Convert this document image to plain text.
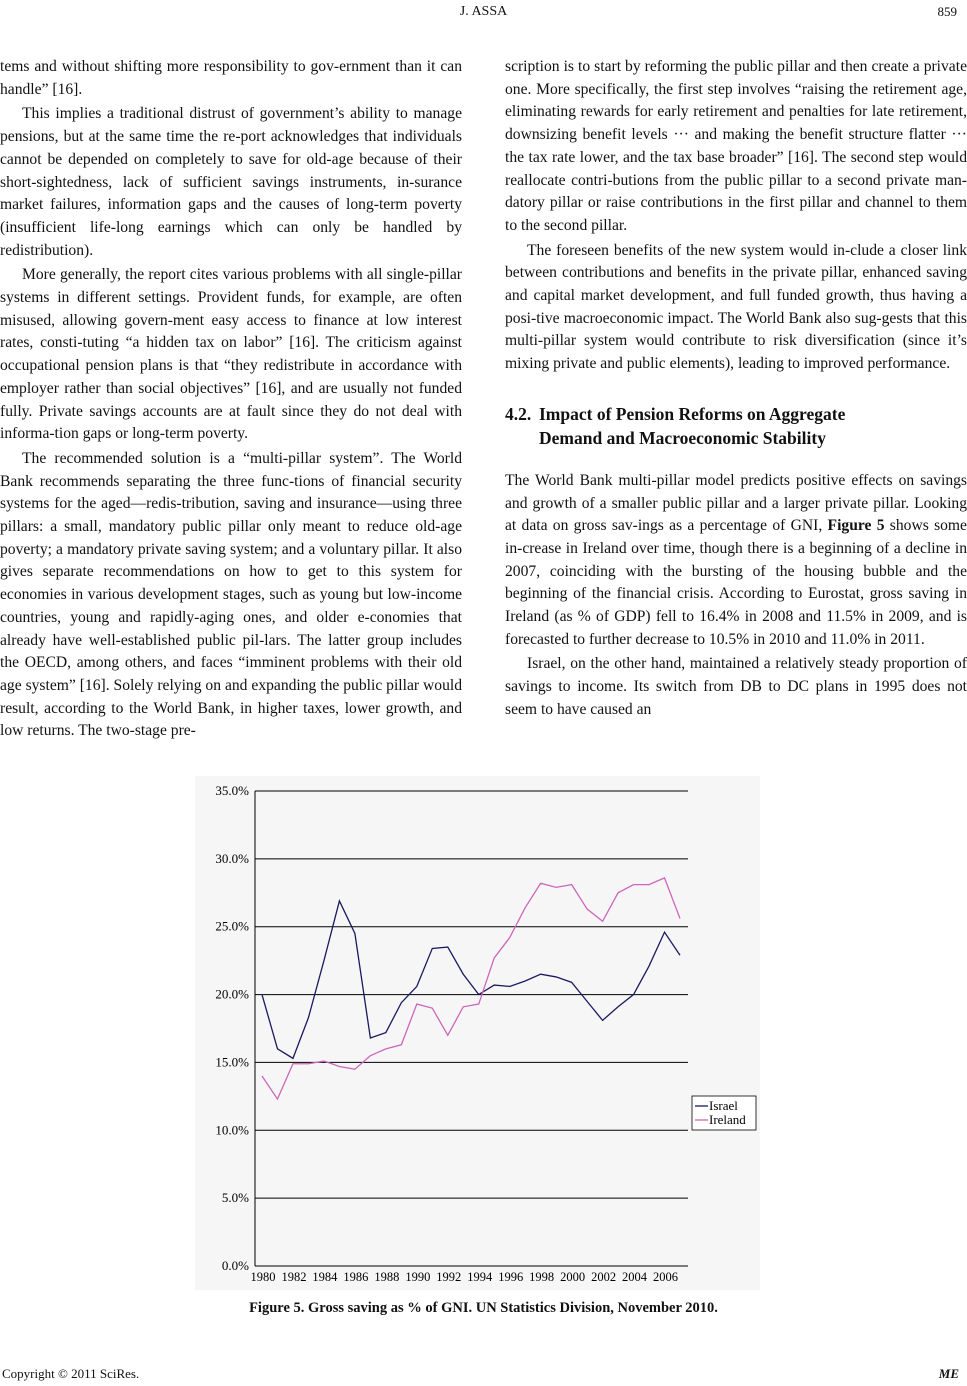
J. ASSA	859

tems and without shifting more responsibility to gov-ernment than it can handle” [16].

This implies a traditional distrust of government’s ability to manage pensions, but at the same time the re-port acknowledges that individuals cannot be depended on completely to save for old-age because of their short-sightedness, lack of sufficient savings instruments, in-surance market failures, information gaps and the causes of long-term poverty (insufficient life-long earnings which can only be handled by redistribution).

More generally, the report cites various problems with all single-pillar systems in different settings. Provident funds, for example, are often misused, allowing govern-ment easy access to finance at low interest rates, consti-tuting “a hidden tax on labor” [16]. The criticism against occupational pension plans is that “they redistribute in accordance with employer rather than social objectives” [16], and are usually not funded fully. Private savings accounts are at fault since they do not deal with informa-tion gaps or long-term poverty.

The recommended solution is a “multi-pillar system”. The World Bank recommends separating the three func-tions of financial security systems for the aged—redis-tribution, saving and insurance—using three pillars: a small, mandatory public pillar only meant to reduce old-age poverty; a mandatory private saving system; and a voluntary pillar. It also gives separate recommendations on how to get to this system for economies in various development stages, such as young but low-income countries, young and rapidly-aging ones, and older e-conomies that already have well-established public pil-lars. The latter group includes the OECD, among others, and faces “imminent problems with their old age system” [16]. Solely relying on and expanding the public pillar would result, according to the World Bank, in higher taxes, lower growth, and low returns. The two-stage pre-

scription is to start by reforming the public pillar and then create a private one. More specifically, the first step involves “raising the retirement age, eliminating rewards for early retirement and penalties for late retirement, downsizing benefit levels ··· and making the benefit structure flatter ··· the tax rate lower, and the tax base broader” [16]. The second step would reallocate contri-butions from the public pillar to a second private man-datory pillar or raise contributions in the first pillar and channel to them to the second pillar.

The foreseen benefits of the new system would in-clude a closer link between contributions and benefits in the private pillar, enhanced saving and capital market development, and full funded growth, thus having a posi-tive macroeconomic impact. The World Bank also sug-gests that this multi-pillar system would contribute to risk diversification (since it’s mixing private and public elements), leading to improved performance.

4.2. Impact of Pension Reforms on Aggregate
Demand and Macroeconomic Stability

The World Bank multi-pillar model predicts positive effects on savings and growth of a smaller public pillar and a larger private pillar. Looking at data on gross sav-ings as a percentage of GNI, Figure 5 shows some in-crease in Ireland over time, though there is a beginning of a decline in 2007, coinciding with the bursting of the housing bubble and the beginning of the financial crisis. According to Eurostat, gross saving in Ireland (as % of GDP) fell to 16.4% in 2008 and 11.5% in 2009, and is forecasted to further decrease to 10.5% in 2010 and 11.0% in 2011.

Israel, on the other hand, maintained a relatively steady proportion of savings to income. Its switch from DB to DC plans in 1995 does not seem to have caused an

0.0%
5.0%
10.0%
15.0%
20.0%
25.0%
30.0%
35.0%
1980 1982 1984 1986 1988 1990 1992 1994 1996 1998 2000 2002 2004 2006
Israel
Ireland
Figure 5. Gross saving as % of GNI. UN Statistics Division, November 2010.
Copyright © 2011 SciRes.	ME
